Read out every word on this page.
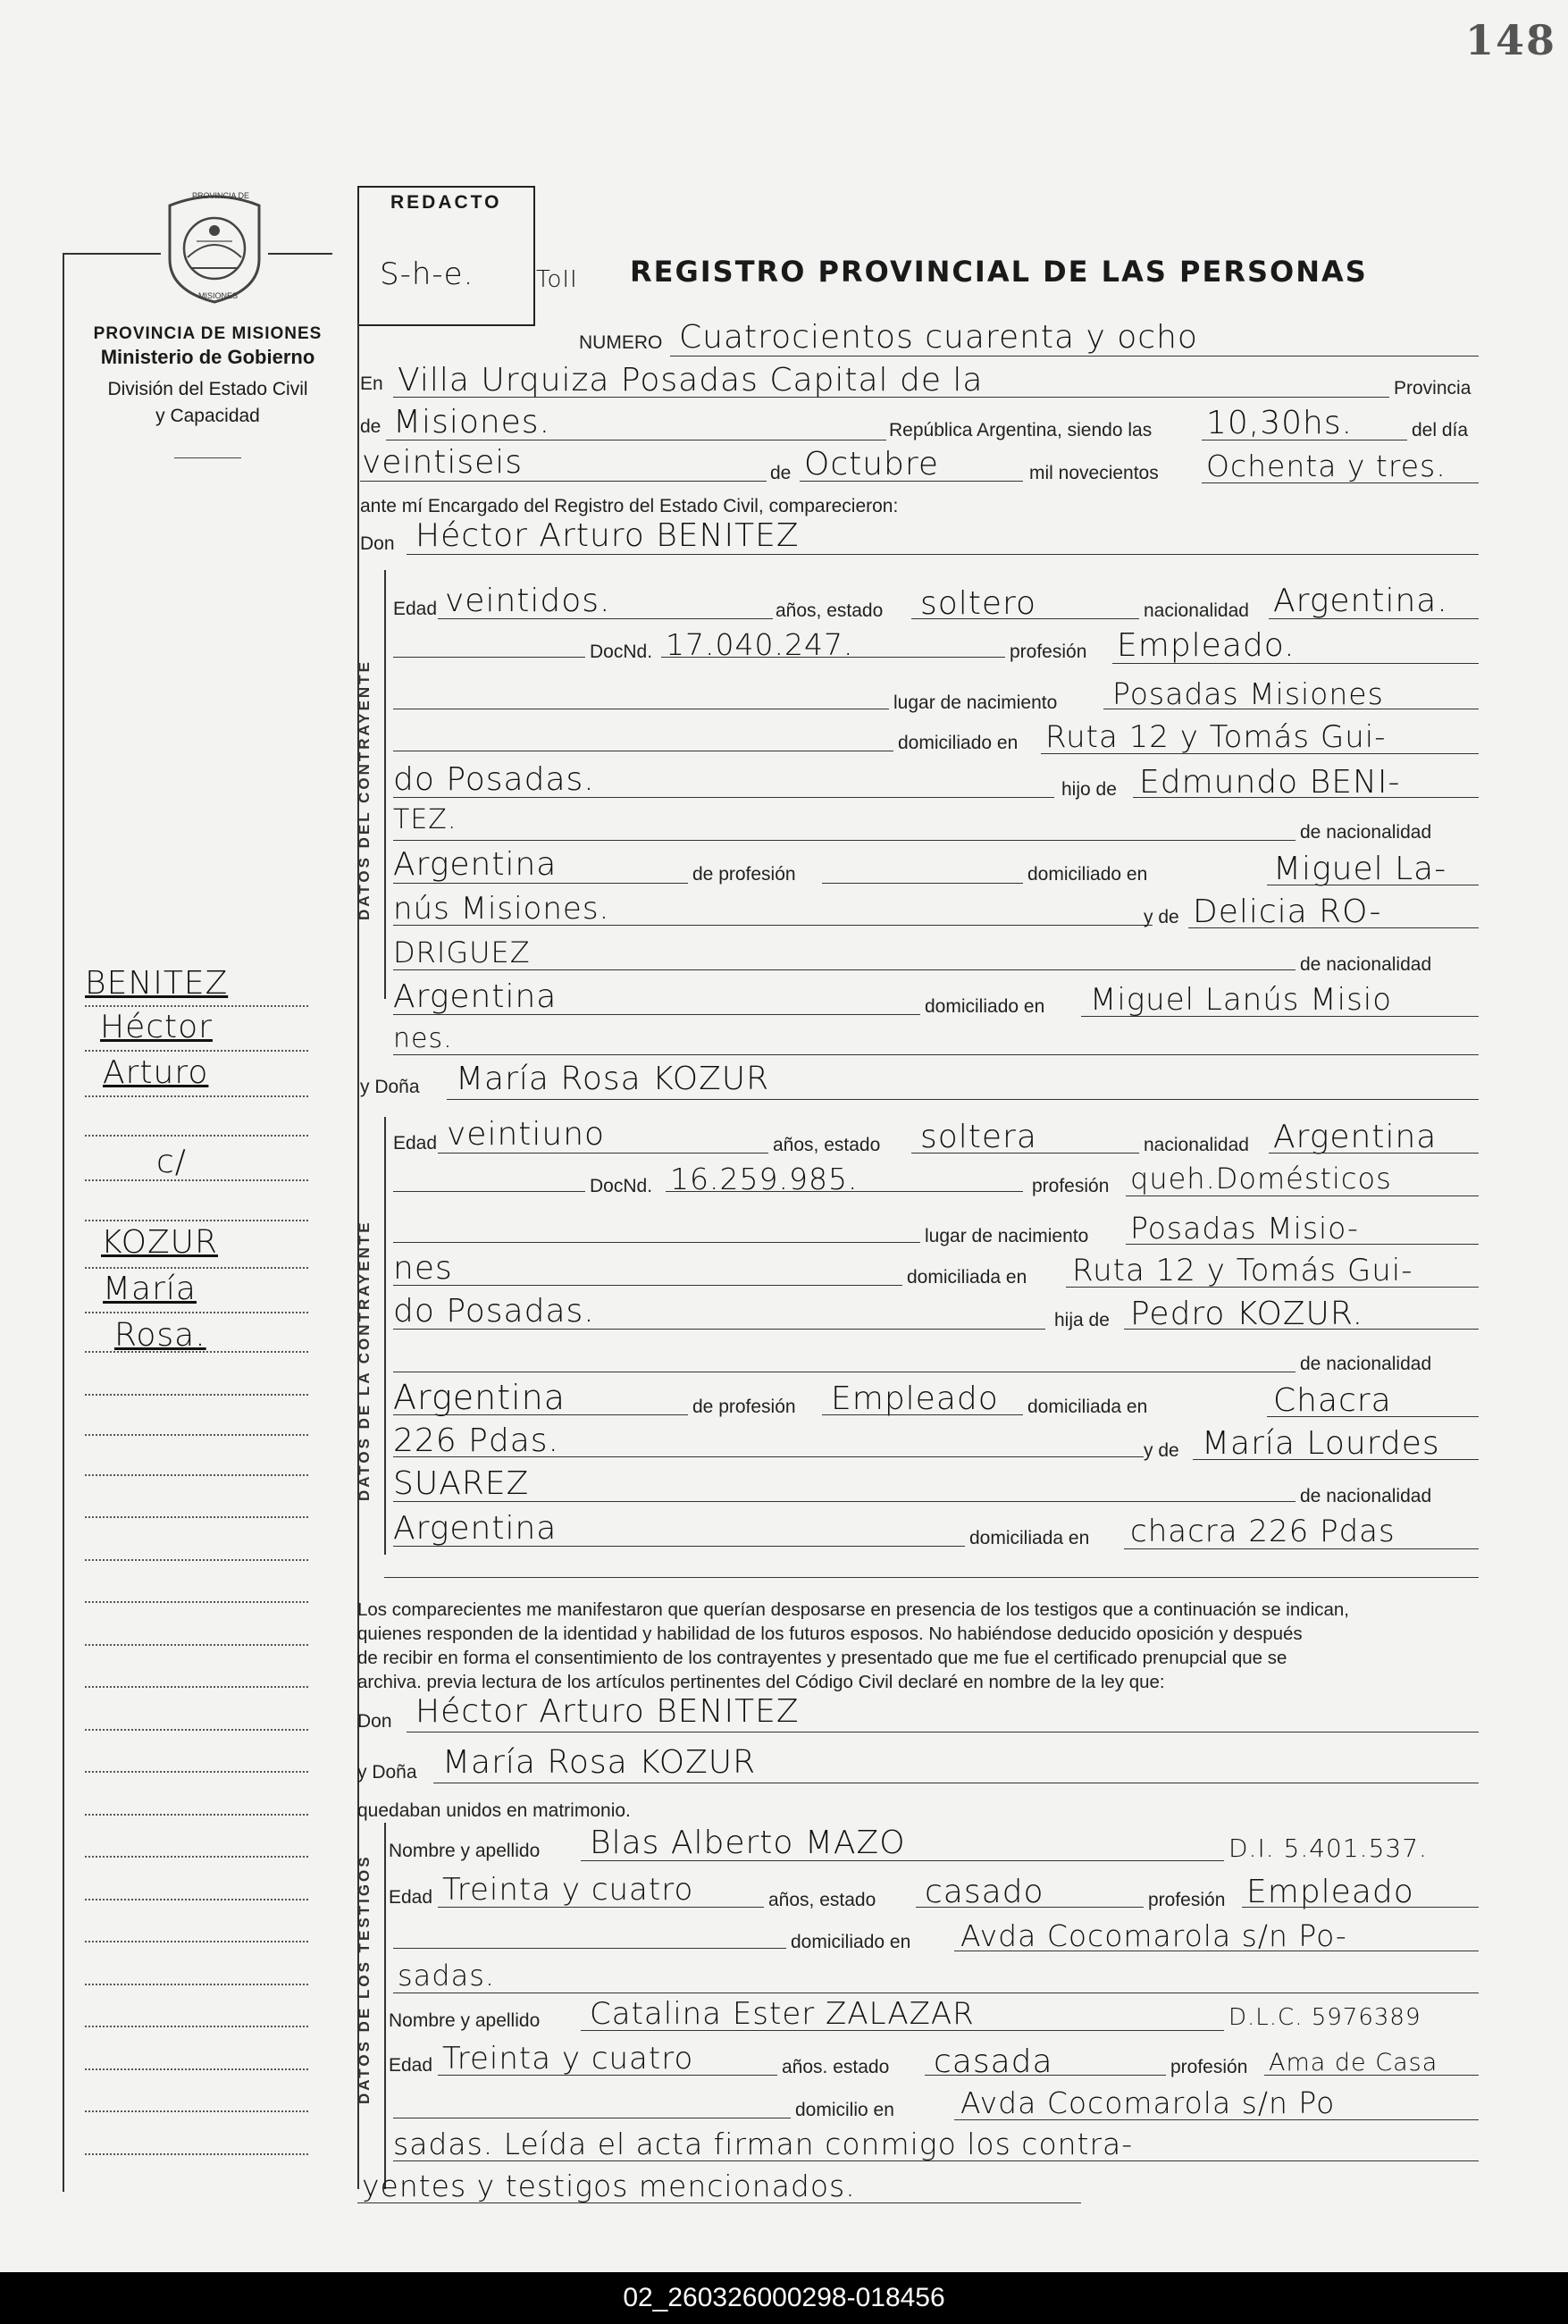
148
PROVINCIA DE
MISIONES
PROVINCIA DE MISIONES
Ministerio de Gobierno
División del Estado Civil
y Capacidad
BENITEZ
Héctor
Arturo
c/
KOZUR
María
Rosa.
REDACTO
S-h-e.	ToII REGISTRO PROVINCIAL DE LAS PERSONAS
NUMERO Cuatrocientos cuarenta y ocho
En Villa Urquiza Posadas Capital de la	Provincia
de Misiones.	República Argentina, siendo las 10,30hs.	del día
veintiseis	de Octubre	mil novecientos Ochenta y tres.
ante mí Encargado del Registro del Estado Civil, comparecieron:
Don Héctor Arturo BENITEZ
DATOS DEL CONTRAYENTE
Edad veintidos.	años, estado soltero	nacionalidad Argentina.
DocNd. 17.040.247.	profesión Empleado.
lugar de nacimiento Posadas Misiones
domiciliado en Ruta 12 y Tomás Gui-
do Posadas.	hijo de Edmundo BENI-
TEZ.	de nacionalidad
Argentina	de profesión	domiciliado en	Miguel La-
nús Misiones.	y de Delicia RO-
DRIGUEZ	de nacionalidad
Argentina	domiciliado en Miguel Lanús Misio
nes.
y Doña María Rosa KOZUR
DATOS DE LA CONTRAYENTE
Edad veintiuno	años, estado soltera	nacionalidad Argentina
DocNd. 16.259.985.	profesión queh.Domésticos
lugar de nacimiento Posadas Misio-
nes	domiciliada en Ruta 12 y Tomás Gui-
do Posadas.	hija de Pedro KOZUR.
de nacionalidad
Argentina	de profesión Empleado domiciliada en	Chacra
226 Pdas.	y de María Lourdes
SUAREZ	de nacionalidad
Argentina	domiciliada en chacra 226 Pdas
Los comparecientes me manifestaron que querían desposarse en presencia de los testigos que a continuación se indican,
quienes responden de la identidad y habilidad de los futuros esposos. No habiéndose deducido oposición y después
de recibir en forma el consentimiento de los contrayentes y presentado que me fue el certificado prenupcial que se
archiva. previa lectura de los artículos pertinentes del Código Civil declaré en nombre de la ley que:
Don Héctor Arturo BENITEZ
y Doña María Rosa KOZUR
quedaban unidos en matrimonio.
DATOS DE LOS TESTIGOS
Nombre y apellido Blas Alberto MAZO	D.I. 5.401.537.
Edad Treinta y cuatro	años, estado casado	profesión Empleado
domiciliado en Avda Cocomarola s/n Po-
sadas.
Nombre y apellido Catalina Ester ZALAZAR	D.L.C. 5976389
Edad Treinta y cuatro	años. estado casada	profesión Ama de Casa
domicilio en Avda Cocomarola s/n Po
sadas. Leída el acta firman conmigo los contra-
yentes y testigos mencionados.
02_260326000298-018456
